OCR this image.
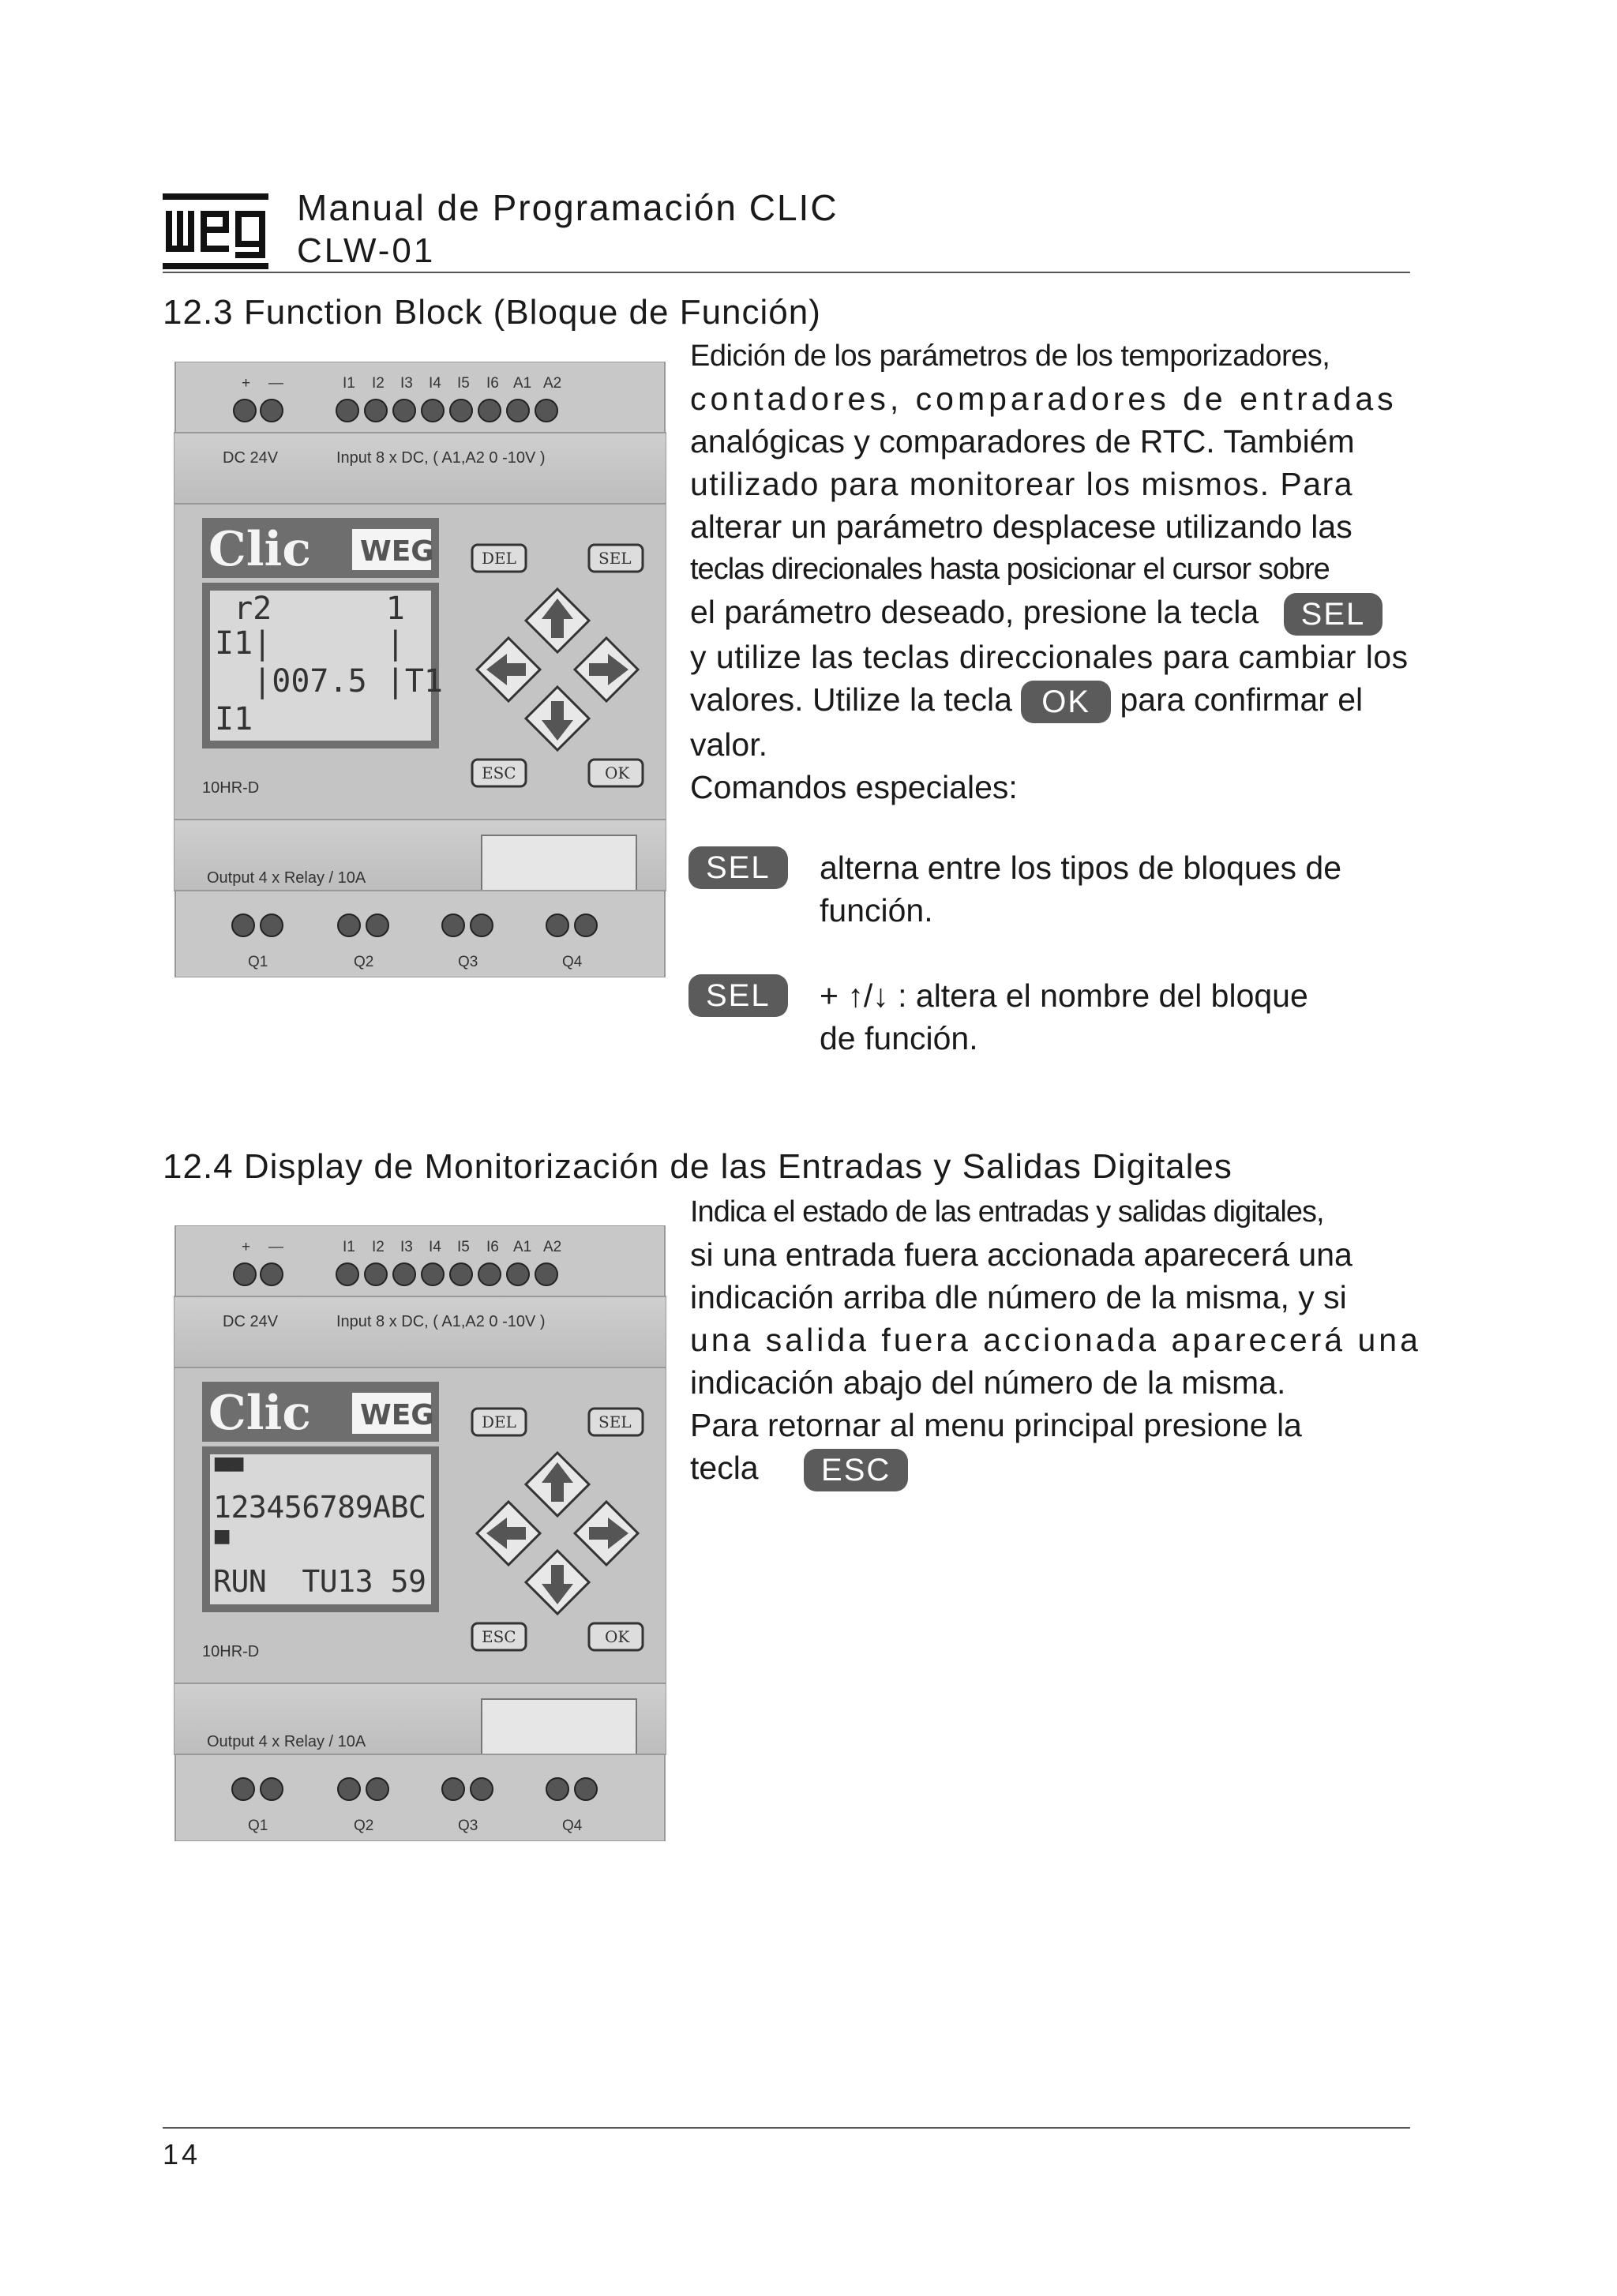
Manual de Programación CLIC
CLW-01
12.3 Function Block (Bloque de Función)
Edición de los parámetros de los temporizadores,
contadores, comparadores de entradas
analógicas y comparadores de RTC. Tambiém
utilizado para monitorear los mismos. Para
alterar un parámetro desplacese utilizando las
teclas direcionales hasta posicionar el cursor sobre
el parámetro deseado, presione la tecla SEL
y utilize las teclas direccionales para cambiar los
valores. Utilize la tecla OK para confirmar el
valor.
Comandos especiales:
SEL	alterna entre los tipos de bloques de
función.
SEL	+ ↑/↓ : altera el nombre del bloque
de función.
12.4 Display de Monitorización de las Entradas y Salidas Digitales
Indica el estado de las entradas y salidas digitales,
si una entrada fuera accionada aparecerá una
indicación arriba dle número de la misma, y si
una salida fuera accionada aparecerá una
indicación abajo del número de la misma.
Para retornar al menu principal presione la
tecla ESC
+ —	I1 I2 I3 I4 I5 I6 A1 A2
DC 24V	Input 8 x DC, ( A1,A2 0 -10V )
Clic WEG
r2      1
I1|      |
|007.5 |T1
I1
DEL	SEL
ESC	OK
10HR-D
Output 4 x Relay / 10A
Q1	Q2	Q3	Q4
+ —	I1 I2 I3 I4 I5 I6 A1 A2
DC 24V	Input 8 x DC, ( A1,A2 0 -10V )
Clic WEG
▀▀
123456789ABC
▀
RUN  TU13 59
DEL	SEL
ESC	OK
10HR-D
Output 4 x Relay / 10A
Q1	Q2	Q3	Q4
14
